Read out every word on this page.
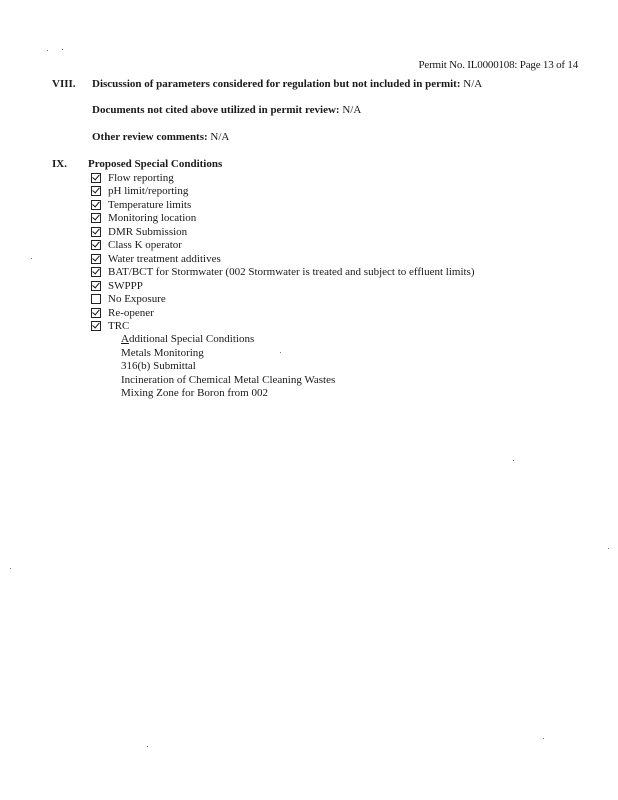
Permit No. IL0000108: Page 13 of 14
VIII. Discussion of parameters considered for regulation but not included in permit: N/A
Documents not cited above utilized in permit review: N/A
Other review comments: N/A
IX. Proposed Special Conditions
Flow reporting
pH limit/reporting
Temperature limits
Monitoring location
DMR Submission
Class K operator
Water treatment additives
BAT/BCT for Stormwater (002 Stormwater is treated and subject to effluent limits)
SWPPP
No Exposure
Re-opener
TRC
Additional Special Conditions
Metals Monitoring
316(b) Submittal
Incineration of Chemical Metal Cleaning Wastes
Mixing Zone for Boron from 002
